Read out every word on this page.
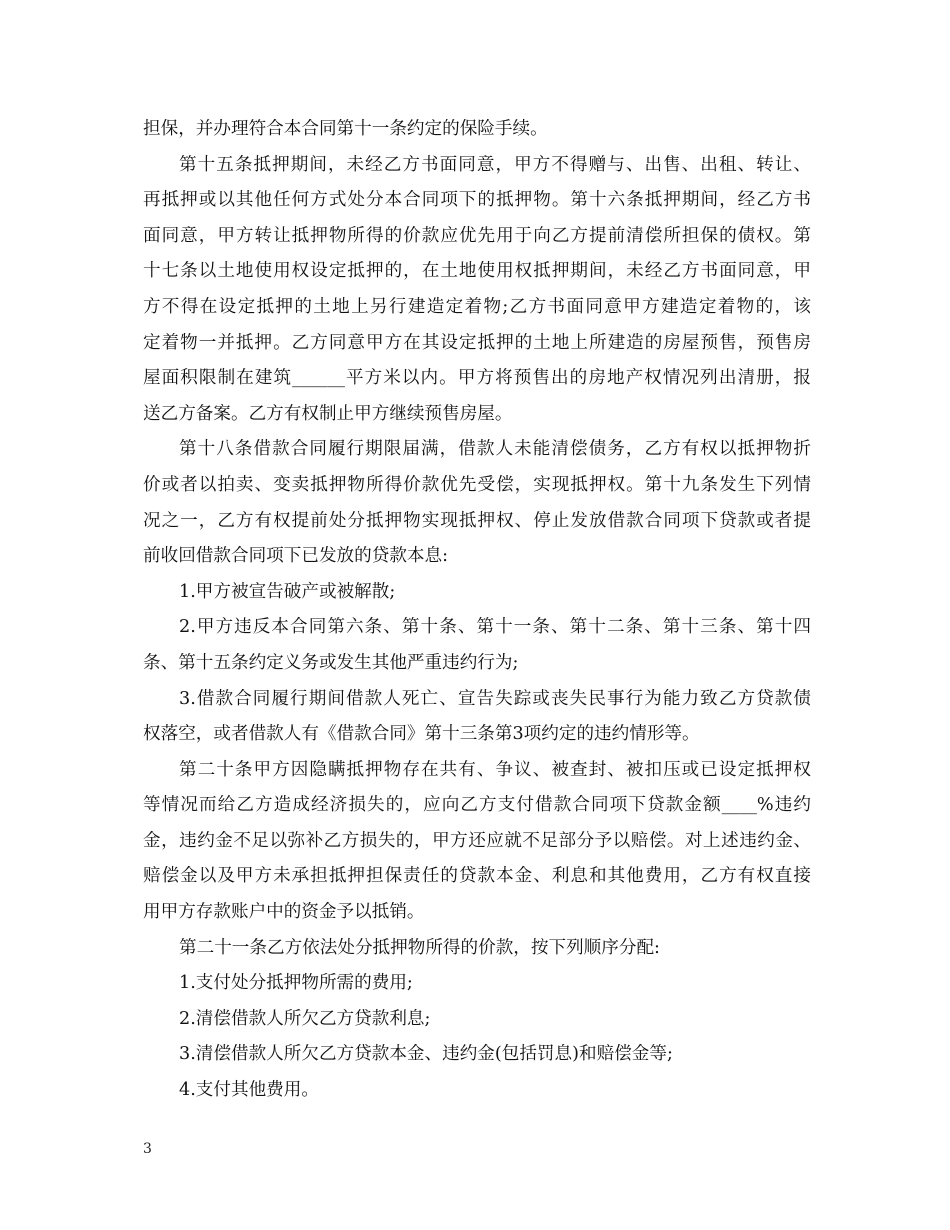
担保，并办理符合本合同第十一条约定的保险手续。
第十五条抵押期间，未经乙方书面同意，甲方不得赠与、出售、出租、转让、
再抵押或以其他任何方式处分本合同项下的抵押物。第十六条抵押期间，经乙方书
面同意，甲方转让抵押物所得的价款应优先用于向乙方提前清偿所担保的债权。第
十七条以土地使用权设定抵押的，在土地使用权抵押期间，未经乙方书面同意，甲
方不得在设定抵押的土地上另行建造定着物;乙方书面同意甲方建造定着物的，该
定着物一并抵押。乙方同意甲方在其设定抵押的土地上所建造的房屋预售，预售房
屋面积限制在建筑______平方米以内。甲方将预售出的房地产权情况列出清册，报
送乙方备案。乙方有权制止甲方继续预售房屋。
第十八条借款合同履行期限届满，借款人未能清偿债务，乙方有权以抵押物折
价或者以拍卖、变卖抵押物所得价款优先受偿，实现抵押权。第十九条发生下列情
况之一，乙方有权提前处分抵押物实现抵押权、停止发放借款合同项下贷款或者提
前收回借款合同项下已发放的贷款本息:
1.甲方被宣告破产或被解散;
2.甲方违反本合同第六条、第十条、第十一条、第十二条、第十三条、第十四
条、第十五条约定义务或发生其他严重违约行为;
3.借款合同履行期间借款人死亡、宣告失踪或丧失民事行为能力致乙方贷款债
权落空，或者借款人有《借款合同》第十三条第3项约定的违约情形等。
第二十条甲方因隐瞒抵押物存在共有、争议、被查封、被扣压或已设定抵押权
等情况而给乙方造成经济损失的，应向乙方支付借款合同项下贷款金额____%违约
金，违约金不足以弥补乙方损失的，甲方还应就不足部分予以赔偿。对上述违约金、
赔偿金以及甲方未承担抵押担保责任的贷款本金、利息和其他费用，乙方有权直接
用甲方存款账户中的资金予以抵销。
第二十一条乙方依法处分抵押物所得的价款，按下列顺序分配:
1.支付处分抵押物所需的费用;
2.清偿借款人所欠乙方贷款利息;
3.清偿借款人所欠乙方贷款本金、违约金(包括罚息)和赔偿金等;
4.支付其他费用。
3
